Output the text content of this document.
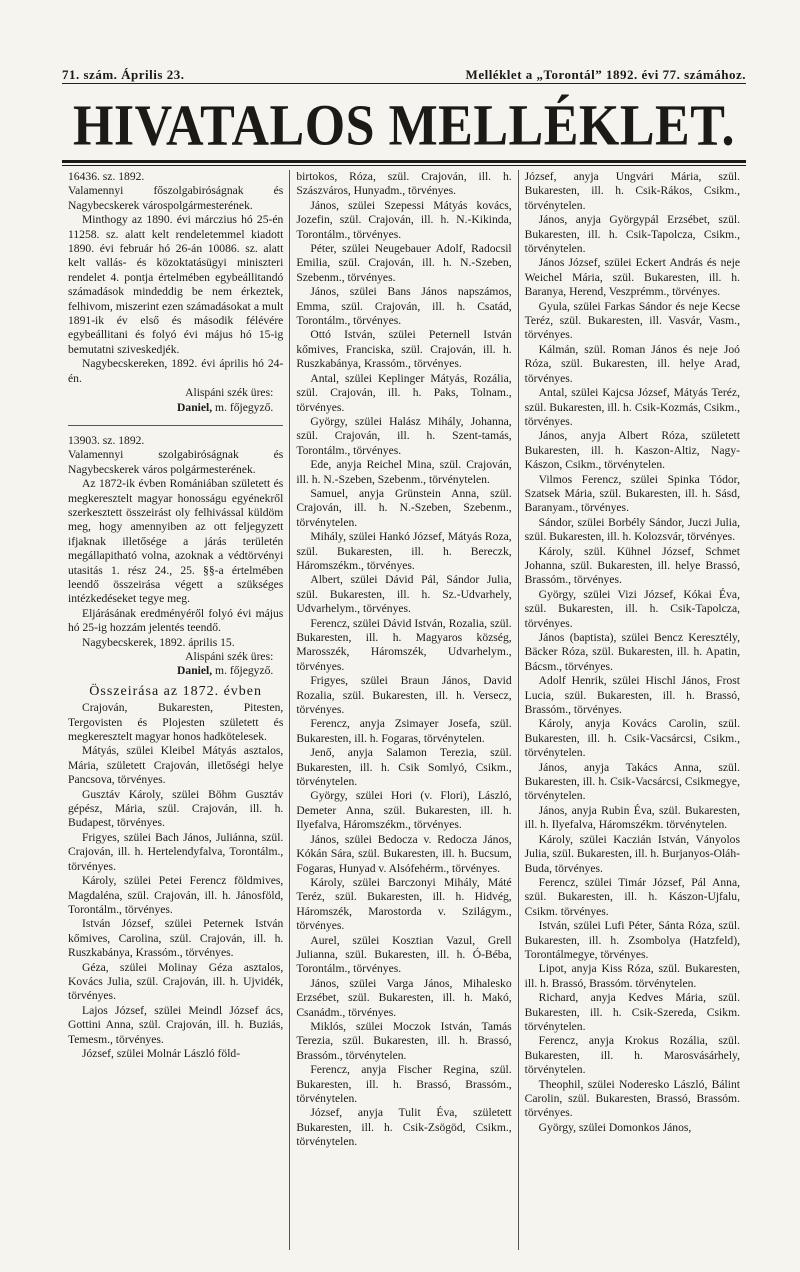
71. szám. Április 23.	Melléklet a „Torontál” 1892. évi 77. számához.
HIVATALOS MELLÉKLET.

16436. sz. 1892.

Valamennyi főszolgabiróságnak és Nagybecskerek várospolgármesterének.

Minthogy az 1890. évi márczius hó 25-én 11258. sz. alatt kelt rendeletemmel kiadott 1890. évi február hó 26-án 10086. sz. alatt kelt vallás- és közoktatásügyi miniszteri rendelet 4. pontja értelmében egybeállitandó számadások mindeddig be nem érkeztek, felhivom, miszerint ezen számadásokat a mult 1891-ik év első és második félévére egybeállitani és folyó évi május hó 15-ig bemutatni sziveskedjék.

Nagybecskereken, 1892. évi április hó 24-én.

Alispáni szék üres:
Daniel, m. főjegyző.

13903. sz. 1892.

Valamennyi szolgabiróságnak és Nagybecskerek város polgármesterének.

Az 1872-ik évben Romániában született és megkeresztelt magyar honosságu egyénekről szerkesztett összeirást oly felhivással küldöm meg, hogy amennyiben az ott feljegyzett ifjaknak illetősége a járás területén megállapitható volna, azoknak a védtörvényi utasitás 1. rész 24., 25. §§-a értelmében leendő összeirása végett a szükséges intézkedéseket tegye meg.

Eljárásának eredményéről folyó évi május hó 25-ig hozzám jelentés teendő.

Nagybecskerek, 1892. április 15.

Alispáni szék üres:
Daniel, m. főjegyző.
Összeirása az 1872. évben

Crajován, Bukaresten, Pitesten, Tergovisten és Plojesten született és megkeresztelt magyar honos hadkötelesek.

Mátyás, szülei Kleibel Mátyás asztalos, Mária, született Crajován, illetőségi helye Pancsova, törvényes.

Gusztáv Károly, szülei Böhm Gusztáv gépész, Mária, szül. Crajován, ill. h. Budapest, törvényes.

Frigyes, szülei Bach János, Juliánna, szül. Crajován, ill. h. Hertelendyfalva, Torontálm., törvényes.

Károly, szülei Petei Ferencz földmives, Magdaléna, szül. Crajován, ill. h. Jánosföld, Torontálm., törvényes.

István József, szülei Peternek István kőmives, Carolina, szül. Crajován, ill. h. Ruszkabánya, Krassóm., törvényes.

Géza, szülei Molinay Géza asztalos, Kovács Julia, szül. Crajován, ill. h. Ujvidék, törvényes.

Lajos József, szülei Meindl József ács, Gottini Anna, szül. Crajován, ill. h. Buziás, Temesm., törvényes.

József, szülei Molnár László föld-

birtokos, Róza, szül. Crajován, ill. h. Szászváros, Hunyadm., törvényes.

János, szülei Szepessi Mátyás kovács, Jozefin, szül. Crajován, ill. h. N.-Kikinda, Torontálm., törvényes.

Péter, szülei Neugebauer Adolf, Radocsil Emilia, szül. Crajován, ill. h. N.-Szeben, Szebenm., törvényes.

János, szülei Bans János napszámos, Emma, szül. Crajován, ill. h. Csatád, Torontálm., törvényes.

Ottó István, szülei Peternell István kőmives, Franciska, szül. Crajován, ill. h. Ruszkabánya, Krassóm., törvényes.

Antal, szülei Keplinger Mátyás, Rozália, szül. Crajován, ill. h. Paks, Tolnam., törvényes.

György, szülei Halász Mihály, Johanna, szül. Crajován, ill. h. Szent-tamás, Torontálm., törvényes.

Ede, anyja Reichel Mina, szül. Crajován, ill. h. N.-Szeben, Szebenm., törvénytelen.

Samuel, anyja Grünstein Anna, szül. Crajován, ill. h. N.-Szeben, Szebenm., törvénytelen.

Mihály, szülei Hankó József, Mátyás Roza, szül. Bukaresten, ill. h. Bereczk, Háromszékm., törvényes.

Albert, szülei Dávid Pál, Sándor Julia, szül. Bukaresten, ill. h. Sz.-Udvarhely, Udvarhelym., törvényes.

Ferencz, szülei Dávid István, Rozalia, szül. Bukaresten, ill. h. Magyaros község, Marosszék, Háromszék, Udvarhelym., törvényes.

Frigyes, szülei Braun János, David Rozalia, szül. Bukaresten, ill. h. Versecz, törvényes.

Ferencz, anyja Zsimayer Josefa, szül. Bukaresten, ill. h. Fogaras, törvénytelen.

Jenő, anyja Salamon Terezia, szül. Bukaresten, ill. h. Csik Somlyó, Csikm., törvénytelen.

György, szülei Hori (v. Flori), László, Demeter Anna, szül. Bukaresten, ill. h. Ilyefalva, Háromszékm., törvényes.

János, szülei Bedocza v. Redocza János, Kókán Sára, szül. Bukaresten, ill. h. Bucsum, Fogaras, Hunyad v. Alsófehérm., törvényes.

Károly, szülei Barczonyi Mihály, Máté Teréz, szül. Bukaresten, ill. h. Hidvég, Háromszék, Marostorda v. Szilágym., törvényes.

Aurel, szülei Kosztian Vazul, Grell Julianna, szül. Bukaresten, ill. h. Ó-Béba, Torontálm., törvényes.

János, szülei Varga János, Mihalesko Erzsébet, szül. Bukaresten, ill. h. Makó, Csanádm., törvényes.

Miklós, szülei Moczok István, Tamás Terezia, szül. Bukaresten, ill. h. Brassó, Brassóm., törvénytelen.

Ferencz, anyja Fischer Regina, szül. Bukaresten, ill. h. Brassó, Brassóm., törvénytelen.

József, anyja Tulit Éva, született Bukaresten, ill. h. Csik-Zsögöd, Csikm., törvénytelen.

József, anyja Ungvári Mária, szül. Bukaresten, ill. h. Csik-Rákos, Csikm., törvénytelen.

János, anyja Györgypál Erzsébet, szül. Bukaresten, ill. h. Csik-Tapolcza, Csikm., törvénytelen.

János József, szülei Eckert András és neje Weichel Mária, szül. Bukaresten, ill. h. Baranya, Herend, Veszprémm., törvényes.

Gyula, szülei Farkas Sándor és neje Kecse Teréz, szül. Bukaresten, ill. Vasvár, Vasm., törvényes.

Kálmán, szül. Roman János és neje Joó Róza, szül. Bukaresten, ill. helye Arad, törvényes.

Antal, szülei Kajcsa József, Mátyás Teréz, szül. Bukaresten, ill. h. Csik-Kozmás, Csikm., törvényes.

János, anyja Albert Róza, született Bukaresten, ill. h. Kaszon-Altiz, Nagy-Kászon, Csikm., törvénytelen.

Vilmos Ferencz, szülei Spinka Tódor, Szatsek Mária, szül. Bukaresten, ill. h. Sásd, Baranyam., törvényes.

Sándor, szülei Borbély Sándor, Juczi Julia, szül. Bukaresten, ill. h. Kolozsvár, törvényes.

Károly, szül. Kühnel József, Schmet Johanna, szül. Bukaresten, ill. helye Brassó, Brassóm., törvényes.

György, szülei Vizi József, Kókai Éva, szül. Bukaresten, ill. h. Csik-Tapolcza, törvényes.

János (baptista), szülei Bencz Keresztély, Bäcker Róza, szül. Bukaresten, ill. h. Apatin, Bácsm., törvényes.

Adolf Henrik, szülei Hischl János, Frost Lucia, szül. Bukaresten, ill. h. Brassó, Brassóm., törvényes.

Károly, anyja Kovács Carolin, szül. Bukaresten, ill. h. Csik-Vacsárcsi, Csikm., törvénytelen.

János, anyja Takács Anna, szül. Bukaresten, ill. h. Csik-Vacsárcsi, Csikmegye, törvénytelen.

János, anyja Rubin Éva, szül. Bukaresten, ill. h. Ilyefalva, Háromszékm. törvénytelen.

Károly, szülei Kaczián István, Ványolos Julia, szül. Bukaresten, ill. h. Burjanyos-Oláh-Buda, törvényes.

Ferencz, szülei Timár József, Pál Anna, szül. Bukaresten, ill. h. Kászon-Ujfalu, Csikm. törvényes.

István, szülei Lufi Péter, Sánta Róza, szül. Bukaresten, ill. h. Zsombolya (Hatzfeld), Torontálmegye, törvényes.

Lipot, anyja Kiss Róza, szül. Bukaresten, ill. h. Brassó, Brassóm. törvénytelen.

Richard, anyja Kedves Mária, szül. Bukaresten, ill. h. Csik-Szereda, Csikm. törvénytelen.

Ferencz, anyja Krokus Rozália, szül. Bukaresten, ill. h. Marosvásárhely, törvénytelen.

Theophil, szülei Noderesko László, Bálint Carolin, szül. Bukaresten, Brassó, Brassóm. törvényes.

György, szülei Domonkos János,
